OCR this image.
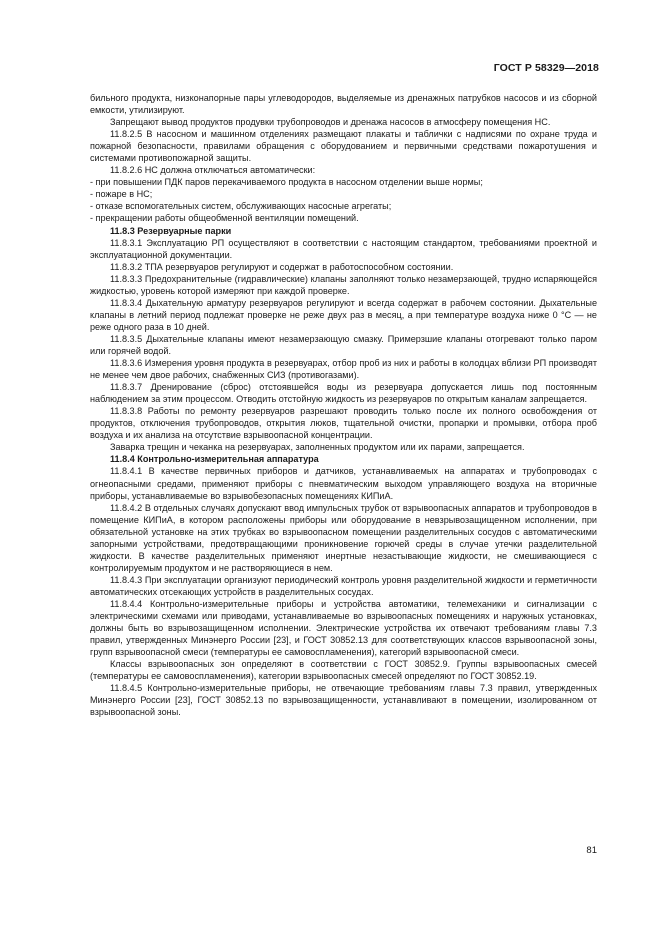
ГОСТ Р 58329—2018

бильного продукта, низконапорные пары углеводородов, выделяемые из дренажных патрубков насосов и из сборной емкости, утилизируют.

Запрещают вывод продуктов продувки трубопроводов и дренажа насосов в атмосферу помещения НС.

11.8.2.5 В насосном и машинном отделениях размещают плакаты и таблички с надписями по охране труда и пожарной безопасности, правилами обращения с оборудованием и первичными средствами пожаротушения и системами противопожарной защиты.

11.8.2.6 НС должна отключаться автоматически:

- при повышении ПДК паров перекачиваемого продукта в насосном отделении выше нормы;

- пожаре в НС;

- отказе вспомогательных систем, обслуживающих насосные агрегаты;

- прекращении работы общеобменной вентиляции помещений.

11.8.3 Резервуарные парки

11.8.3.1 Эксплуатацию РП осуществляют в соответствии с настоящим стандартом, требованиями проектной и эксплуатационной документации.

11.8.3.2 ТПА резервуаров регулируют и содержат в работоспособном состоянии.

11.8.3.3 Предохранительные (гидравлические) клапаны заполняют только незамерзающей, трудно испаряющейся жидкостью, уровень которой измеряют при каждой проверке.

11.8.3.4 Дыхательную арматуру резервуаров регулируют и всегда содержат в рабочем состоянии. Дыхательные клапаны в летний период подлежат проверке не реже двух раз в месяц, а при температуре воздуха ниже 0 °С — не реже одного раза в 10 дней.

11.8.3.5 Дыхательные клапаны имеют незамерзающую смазку. Примерзшие клапаны отогревают только паром или горячей водой.

11.8.3.6 Измерения уровня продукта в резервуарах, отбор проб из них и работы в колодцах вблизи РП производят не менее чем двое рабочих, снабженных СИЗ (противогазами).

11.8.3.7 Дренирование (сброс) отстоявшейся воды из резервуара допускается лишь под постоянным наблюдением за этим процессом. Отводить отстойную жидкость из резервуаров по открытым каналам запрещается.

11.8.3.8 Работы по ремонту резервуаров разрешают проводить только после их полного освобождения от продуктов, отключения трубопроводов, открытия люков, тщательной очистки, пропарки и промывки, отбора проб воздуха и их анализа на отсутствие взрывоопасной концентрации.

Заварка трещин и чеканка на резервуарах, заполненных продуктом или их парами, запрещается.

11.8.4 Контрольно-измерительная аппаратура

11.8.4.1 В качестве первичных приборов и датчиков, устанавливаемых на аппаратах и трубопроводах с огнеопасными средами, применяют приборы с пневматическим выходом управляющего воздуха на вторичные приборы, устанавливаемые во взрывобезопасных помещениях КИПиА.

11.8.4.2 В отдельных случаях допускают ввод импульсных трубок от взрывоопасных аппаратов и трубопроводов в помещение КИПиА, в котором расположены приборы или оборудование в невзрывозащищенном исполнении, при обязательной установке на этих трубках во взрывоопасном помещении разделительных сосудов с автоматическими запорными устройствами, предотвращающими проникновение горючей среды в случае утечки разделительной жидкости. В качестве разделительных применяют инертные незастывающие жидкости, не смешивающиеся с контролируемым продуктом и не растворяющиеся в нем.

11.8.4.3 При эксплуатации организуют периодический контроль уровня разделительной жидкости и герметичности автоматических отсекающих устройств в разделительных сосудах.

11.8.4.4 Контрольно-измерительные приборы и устройства автоматики, телемеханики и сигнализации с электрическими схемами или приводами, устанавливаемые во взрывоопасных помещениях и наружных установках, должны быть во взрывозащищенном исполнении. Электрические устройства их отвечают требованиям главы 7.3 правил, утвержденных Минэнерго России [23], и ГОСТ 30852.13 для соответствующих классов взрывоопасной зоны, групп взрывоопасной смеси (температуры ее самовоспламенения), категорий взрывоопасной смеси.

Классы взрывоопасных зон определяют в соответствии с ГОСТ 30852.9. Группы взрывоопасных смесей (температуры ее самовоспламенения), категории взрывоопасных смесей определяют по ГОСТ 30852.19.

11.8.4.5 Контрольно-измерительные приборы, не отвечающие требованиям главы 7.3 правил, утвержденных Минэнерго России [23], ГОСТ 30852.13 по взрывозащищенности, устанавливают в помещении, изолированном от взрывоопасной зоны.

81
